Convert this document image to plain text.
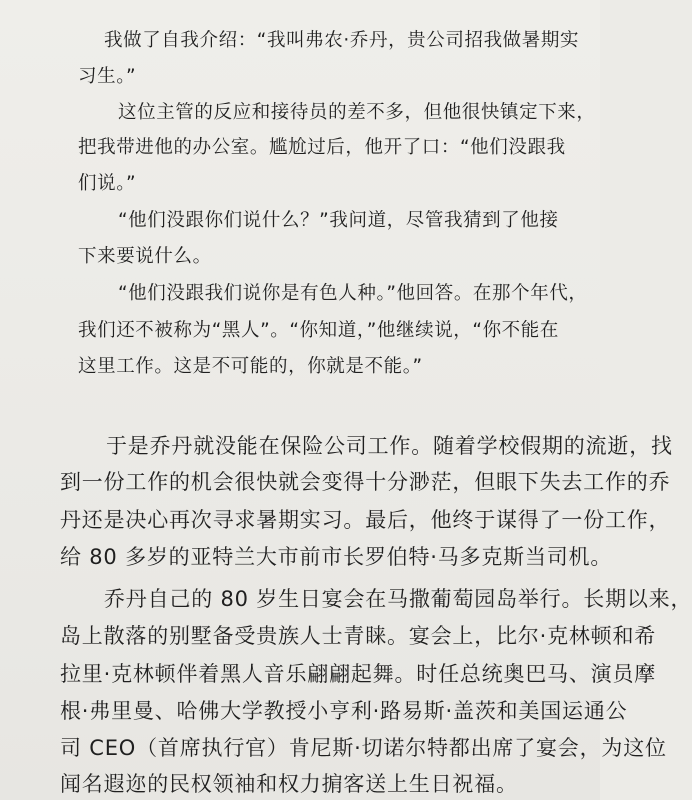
我做了自我介绍：“我叫弗农·乔丹，贵公司招我做暑期实
习生。”
这位主管的反应和接待员的差不多，但他很快镇定下来，
把我带进他的办公室。尴尬过后，他开了口：“他们没跟我
们说。”
“他们没跟你们说什么？”我问道，尽管我猜到了他接
下来要说什么。
“他们没跟我们说你是有色人种。”他回答。在那个年代，
我们还不被称为“黑人”。“你知道，”他继续说，“你不能在
这里工作。这是不可能的，你就是不能。”
于是乔丹就没能在保险公司工作。随着学校假期的流逝，找
到一份工作的机会很快就会变得十分渺茫，但眼下失去工作的乔
丹还是决心再次寻求暑期实习。最后，他终于谋得了一份工作，
给 80 多岁的亚特兰大市前市长罗伯特·马多克斯当司机。
乔丹自己的 80 岁生日宴会在马撒葡萄园岛举行。长期以来，
岛上散落的别墅备受贵族人士青睐。宴会上，比尔·克林顿和希
拉里·克林顿伴着黑人音乐翩翩起舞。时任总统奥巴马、演员摩
根·弗里曼、哈佛大学教授小亨利·路易斯·盖茨和美国运通公
司 CEO（首席执行官）肯尼斯·切诺尔特都出席了宴会，为这位
闻名遐迩的民权领袖和权力掮客送上生日祝福。
